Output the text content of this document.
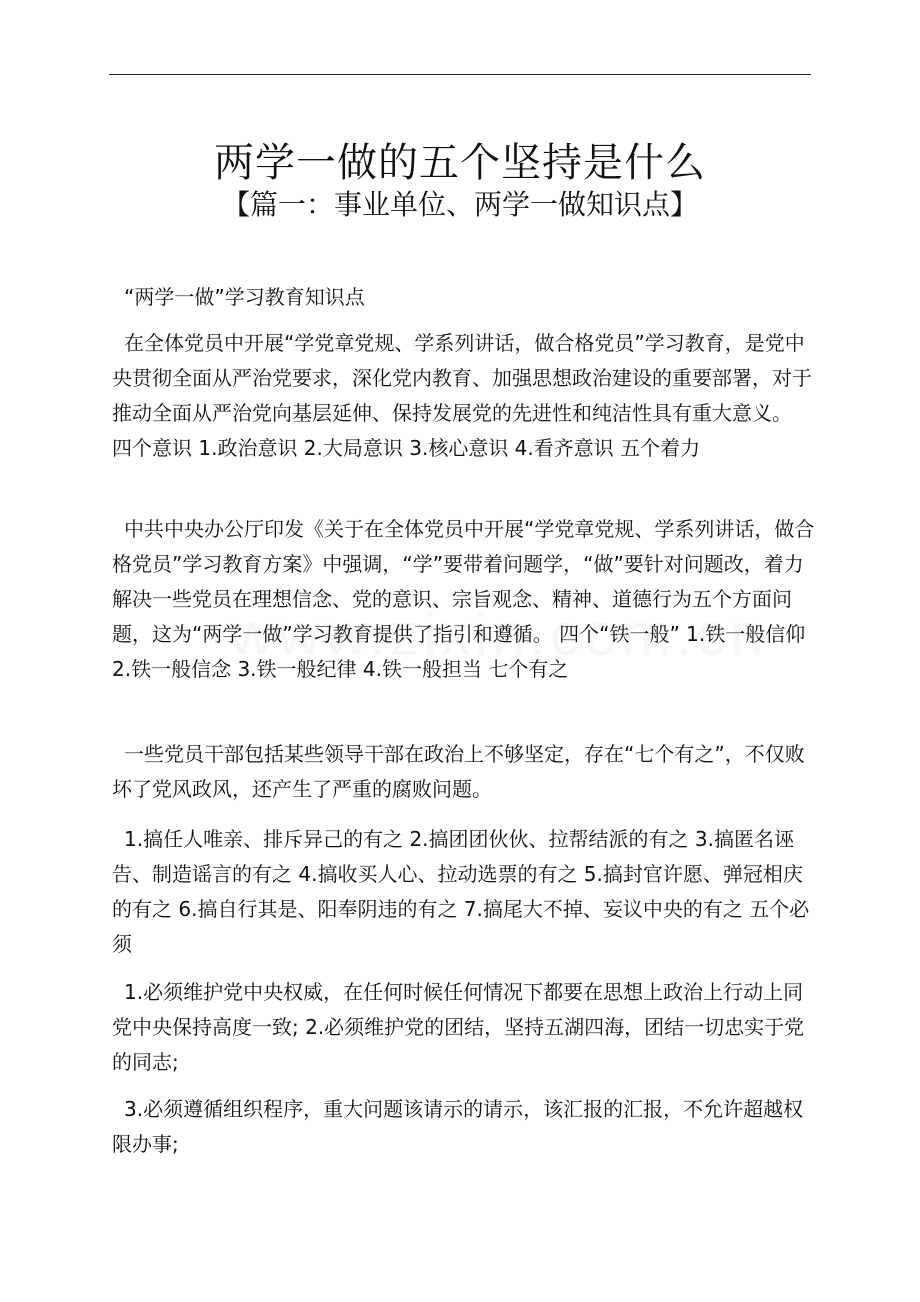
两学一做的五个坚持是什么
【篇一：事业单位、两学一做知识点】

“两学一做”学习教育知识点

在全体党员中开展“学党章党规、学系列讲话，做合格党员”学习教育，是党中央贯彻全面从严治党要求，深化党内教育、加强思想政治建设的重要部署，对于推动全面从严治党向基层延伸、保持发展党的先进性和纯洁性具有重大意义。 四个意识 1.政治意识 2.大局意识 3.核心意识 4.看齐意识 五个着力

中共中央办公厅印发《关于在全体党员中开展“学党章党规、学系列讲话，做合格党员”学习教育方案》中强调，“学”要带着问题学，“做”要针对问题改，着力解决一些党员在理想信念、党的意识、宗旨观念、精神、道德行为五个方面问题，这为“两学一做”学习教育提供了指引和遵循。 四个“铁一般” 1.铁一般信仰 2.铁一般信念 3.铁一般纪律 4.铁一般担当 七个有之

一些党员干部包括某些领导干部在政治上不够坚定，存在“七个有之”，不仅败坏了党风政风，还产生了严重的腐败问题。

1.搞任人唯亲、排斥异己的有之 2.搞团团伙伙、拉帮结派的有之 3.搞匿名诬告、制造谣言的有之 4.搞收买人心、拉动选票的有之 5.搞封官许愿、弹冠相庆的有之 6.搞自行其是、阳奉阴违的有之 7.搞尾大不掉、妄议中央的有之 五个必须

1.必须维护党中央权威，在任何时候任何情况下都要在思想上政治上行动上同党中央保持高度一致; 2.必须维护党的团结，坚持五湖四海，团结一切忠实于党的同志;

3.必须遵循组织程序，重大问题该请示的请示，该汇报的汇报，不允许超越权限办事;
